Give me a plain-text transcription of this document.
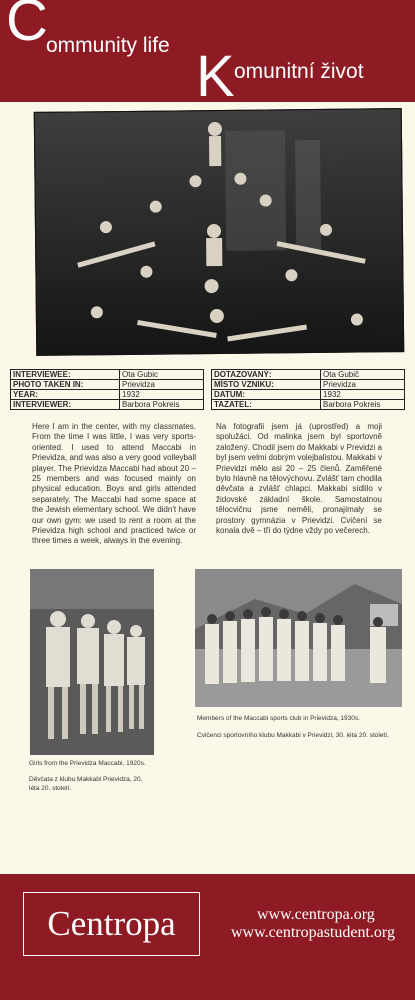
C
ommunity life K omunitní život
INTERVIEWEE:	Ota Gubic
PHOTO TAKEN IN:	Prievidza
YEAR:	1932
INTERVIEWER:	Barbora Pokreis
DOTAZOVANÝ:	Ota Gubič
MÍSTO VZNIKU:	Prievidza
DATUM:	1932
TAZATEL:	Barbora Pokreis
Here I am in the center, with my classmates. From the time I was little, I was very sports-oriented. I used to attend Maccabi in Prievidza, and was also a very good volleyball player. The Prievidza Maccabi had about 20 – 25 members and was focused mainly on physical education. Boys and girls attended separately. The Maccabi had some space at the Jewish elementary school. We didn't have our own gym: we used to rent a room at the Prievidza high school and practiced twice or three times a week, always in the evening.
Na fotografii jsem já (uprostřed) a moji spolužáci. Od malinka jsem byl sportovně založený. Chodil jsem do Makkabi v Previdzi a byl jsem velmi dobrým volejbalistou. Makkabi v Prievidzi mělo asi 20 – 25 členů. Zaměřené bylo hlavně na tělovýchovu. Zvlášť tam chodila děvčata a zvlášť chlapci. Makkabi sídlilo v židovské základní škole. Samostatnou tělocvičnu jsme neměli, pronajímaly se prostory gymnázia v Prievidzi. Cvičení se konala dvě – tři do týdne vždy po večerech.
Members of the Maccabi sports club in Prievidza, 1930s.
Cvičenci sportovního klubu Makkabi v Prievidzi, 30. léta 20. století.
Girls from the Prievidza Maccabi, 1920s.
Děvčata z klubu Makkabi Prievidza, 20. léta 20. století.
Centropa	www.centropa.org
www.centropastudent.org
